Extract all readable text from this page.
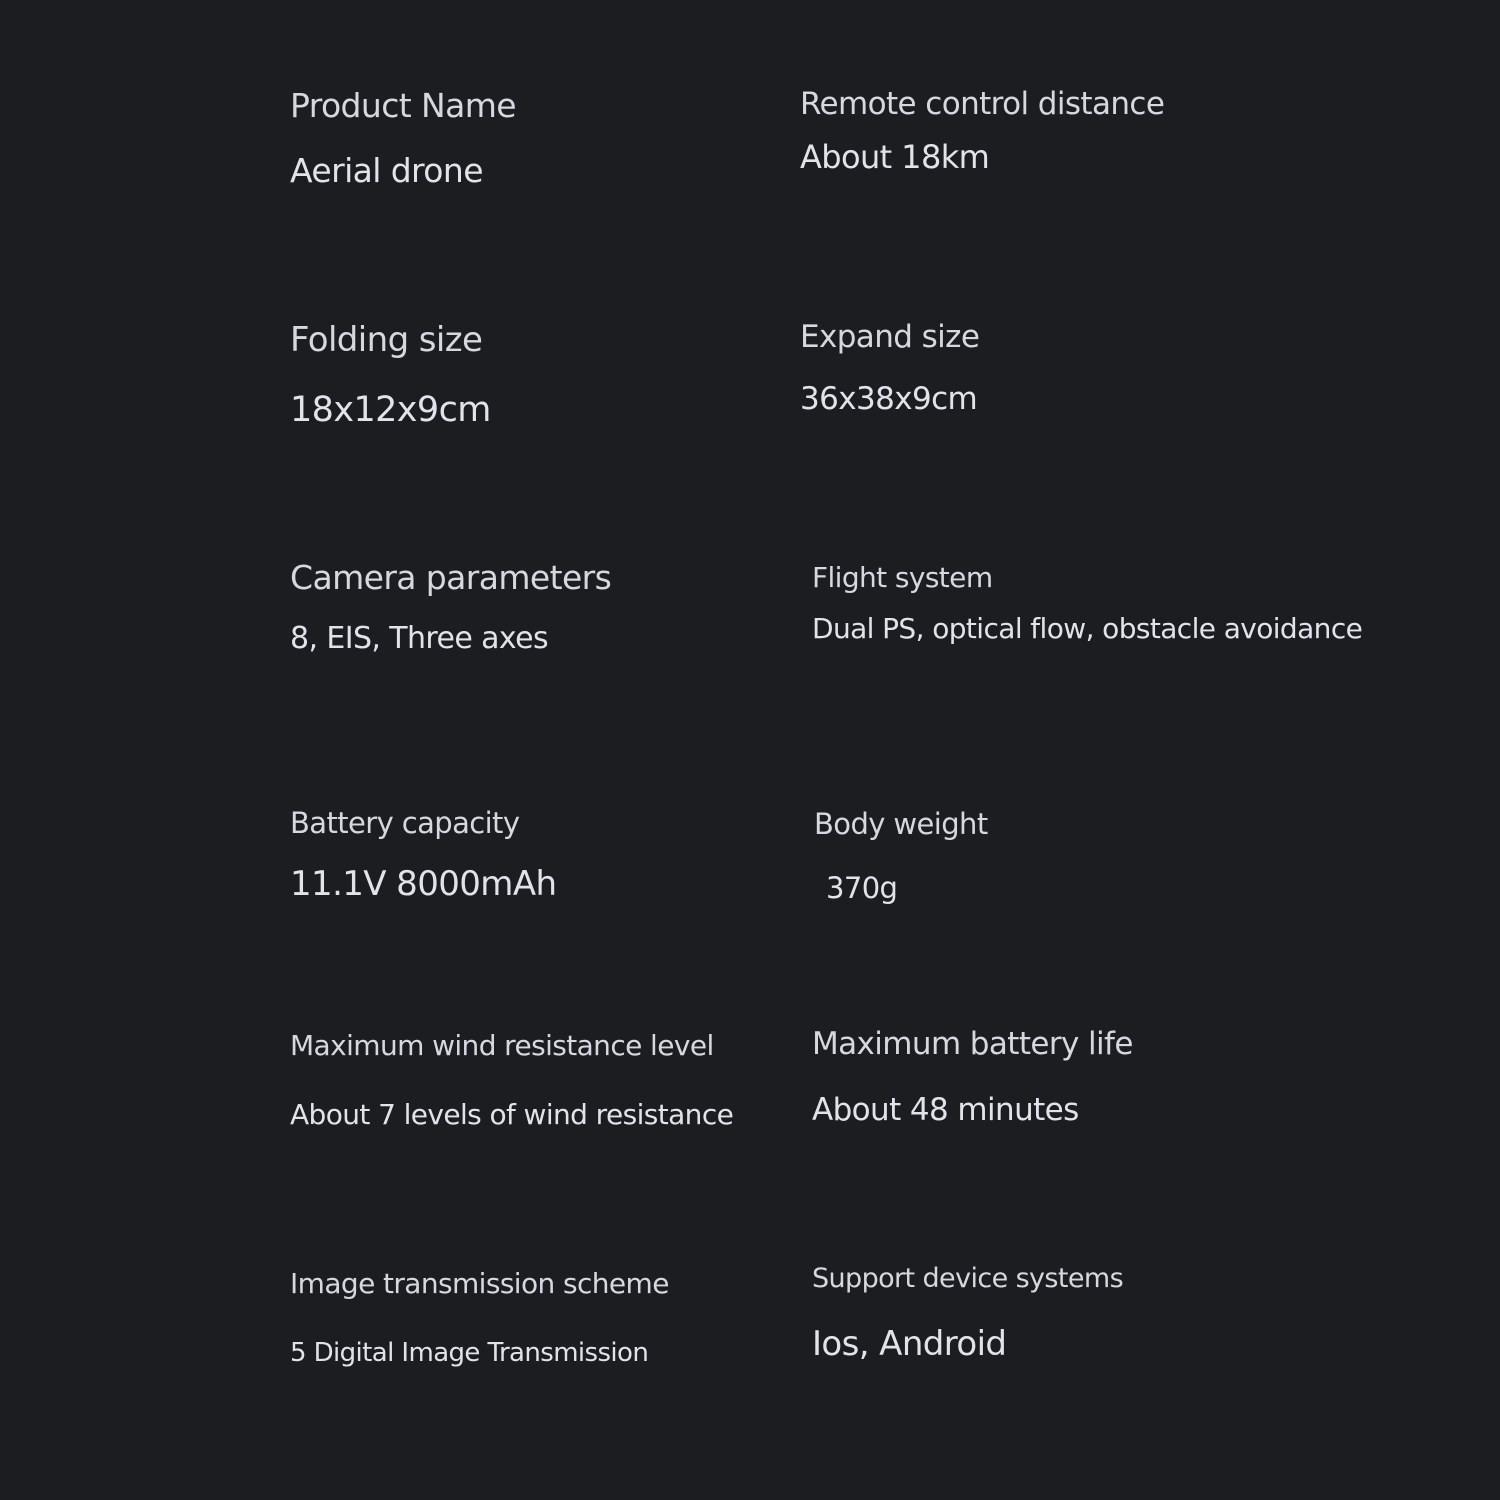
Product Name
Aerial drone
Remote control distance
About 18km
Folding size
18x12x9cm
Expand size
36x38x9cm
Camera parameters
8, EIS, Three axes
Flight system
Dual PS, optical flow, obstacle avoidance
Battery capacity
11.1V 8000mAh
Body weight
370g
Maximum wind resistance level
About 7 levels of wind resistance
Maximum battery life
About 48 minutes
Image transmission scheme
5 Digital Image Transmission
Support device systems
Ios, Android
